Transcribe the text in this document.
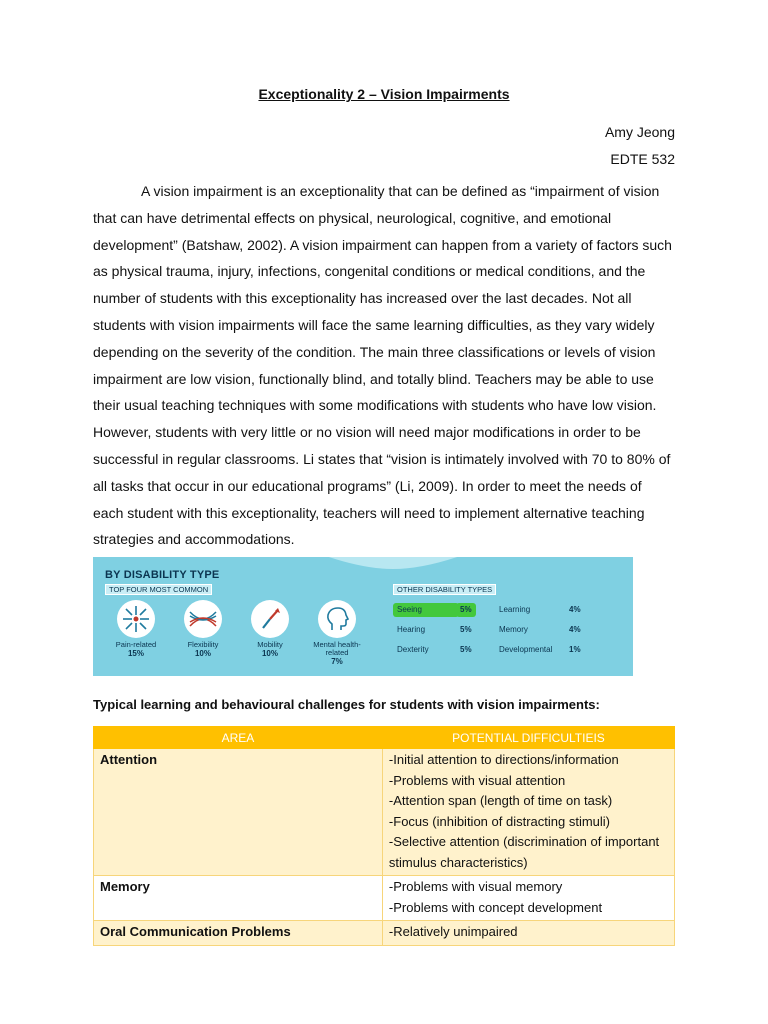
Exceptionality 2 – Vision Impairments
Amy Jeong
EDTE 532
A vision impairment is an exceptionality that can be defined as “impairment of vision that can have detrimental effects on physical, neurological, cognitive, and emotional development” (Batshaw, 2002). A vision impairment can happen from a variety of factors such as physical trauma, injury, infections, congenital conditions or medical conditions, and the number of students with this exceptionality has increased over the last decades. Not all students with vision impairments will face the same learning difficulties, as they vary widely depending on the severity of the condition. The main three classifications or levels of vision impairment are low vision, functionally blind, and totally blind. Teachers may be able to use their usual teaching techniques with some modifications with students who have low vision. However, students with very little or no vision will need major modifications in order to be successful in regular classrooms. Li states that “vision is intimately involved with 70 to 80% of all tasks that occur in our educational programs” (Li, 2009). In order to meet the needs of each student with this exceptionality, teachers will need to implement alternative teaching strategies and accommodations.
BY DISABILITY TYPE
TOP FOUR MOST COMMON
Pain-related
15%
Flexibility
10%
Mobility
10%
Mental health-related
7%
OTHER DISABILITY TYPES
Seeing	5%	Learning	4%
Hearing	5%	Memory	4%
Dexterity	5%	Developmental 1%
Typical learning and behavioural challenges for students with vision impairments:
AREA	POTENTIAL DIFFICULTIEIS
Attention	-Initial attention to directions/information
-Problems with visual attention
-Attention span (length of time on task)
-Focus (inhibition of distracting stimuli)
-Selective attention (discrimination of important stimulus characteristics)

Memory	-Problems with visual memory
-Problems with concept development

Oral Communication Problems	-Relatively unimpaired
